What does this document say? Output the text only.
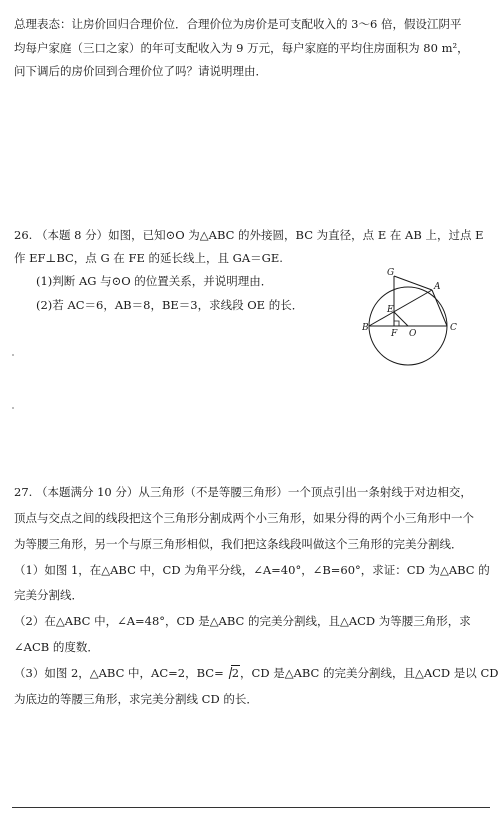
总理表态：让房价回归合理价位．合理价位为房价是可支配收入的 3～6 倍，假设江阴平
均每户家庭（三口之家）的年可支配收入为 9 万元，每户家庭的平均住房面积为 80 m²，
问下调后的房价回到合理价位了吗？请说明理由．
26. （本题 8 分）如图，已知⊙O 为△ABC 的外接圆，BC 为直径，点 E 在 AB 上，过点 E
作 EF⊥BC，点 G 在 FE 的延长线上，且 GA＝GE.
(1)判断 AG 与⊙O 的位置关系，并说明理由．
(2)若 AC＝6，AB＝8，BE＝3，求线段 OE 的长．
G
A
E
B
F O
C
27. （本题满分 10 分）从三角形（不是等腰三角形）一个顶点引出一条射线于对边相交，
顶点与交点之间的线段把这个三角形分割成两个小三角形，如果分得的两个小三角形中一个
为等腰三角形，另一个与原三角形相似，我们把这条线段叫做这个三角形的完美分割线．
（1）如图 1，在△ABC 中，CD 为角平分线，∠A=40°，∠B=60°，求证：CD 为△ABC 的
完美分割线．
（2）在△ABC 中，∠A=48°，CD 是△ABC 的完美分割线，且△ACD 为等腰三角形，求
∠ACB 的度数．
（3）如图 2，△ABC 中，AC=2，BC= 2，CD 是△ABC 的完美分割线，且△ACD 是以 CD
为底边的等腰三角形，求完美分割线 CD 的长．
